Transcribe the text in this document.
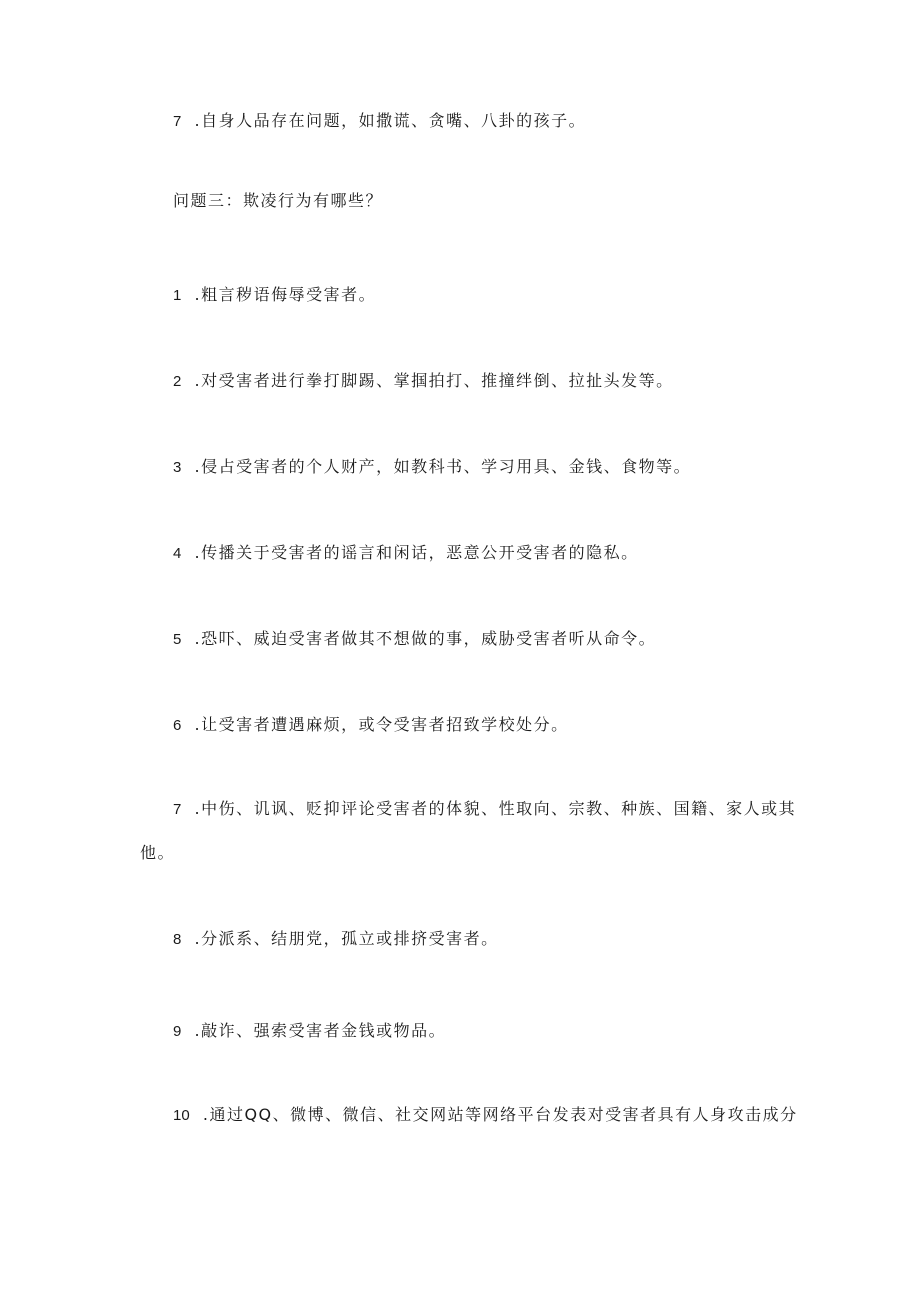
7 .自身人品存在问题，如撒谎、贪嘴、八卦的孩子。
问题三：欺凌行为有哪些？
1 .粗言秽语侮辱受害者。
2 .对受害者进行拳打脚踢、掌掴拍打、推撞绊倒、拉扯头发等。
3 .侵占受害者的个人财产，如教科书、学习用具、金钱、食物等。
4 .传播关于受害者的谣言和闲话，恶意公开受害者的隐私。
5 .恐吓、威迫受害者做其不想做的事，威胁受害者听从命令。
6 .让受害者遭遇麻烦，或令受害者招致学校处分。
7 .中伤、讥讽、贬抑评论受害者的体貌、性取向、宗教、种族、国籍、家人或其
他。
8 .分派系、结朋党，孤立或排挤受害者。
9 .敲诈、强索受害者金钱或物品。
10 .通过QQ、微博、微信、社交网站等网络平台发表对受害者具有人身攻击成分
